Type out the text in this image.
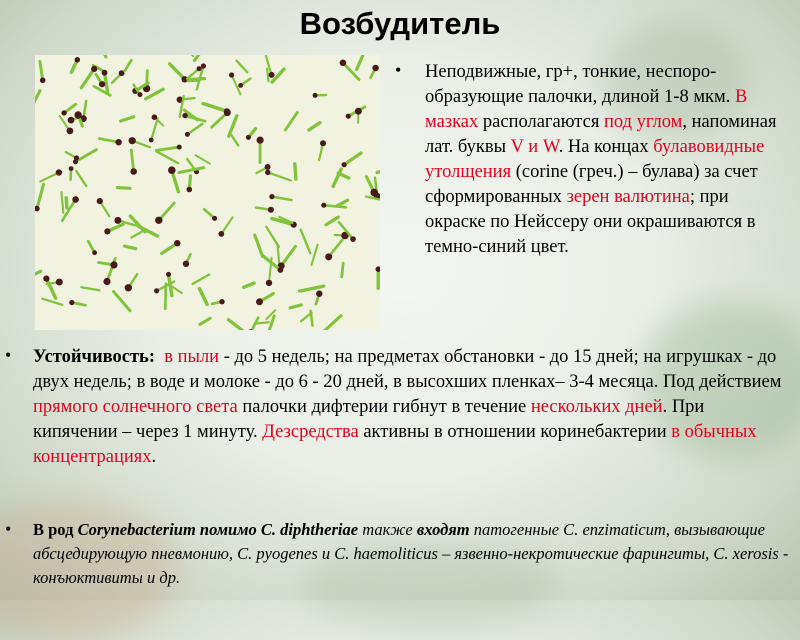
Возбудитель
• Неподвижные, гр+, тонкие, неспоро-образующие палочки, длиной 1-8 мкм. В мазках располагаются под углом, напоминая лат. буквы V и W. На концах булавовидные утолщения (corine (греч.) – булава) за счет сформированных зерен валютина; при окраске по Нейссеру они окрашиваются в темно-синий цвет.
• Устойчивость: в пыли - до 5 недель; на предметах обстановки - до 15 дней; на игрушках - до двух недель; в воде и молоке - до 6 - 20 дней, в высохших пленках– 3-4 месяца. Под действием прямого солнечного света палочки дифтерии гибнут в течение нескольких дней. При кипячении – через 1 минуту. Дезсредства активны в отношении коринебактерии в обычных концентрациях.
• В род Corynebacterium помимо C. diphtheriae также входят патогенные C. enzimaticum, вызывающие абсцедирующую пневмонию, C. pyogenes и C. haemoliticus – язвенно-некротические фарингиты, C. xerosis - конъюктивиты и др.
